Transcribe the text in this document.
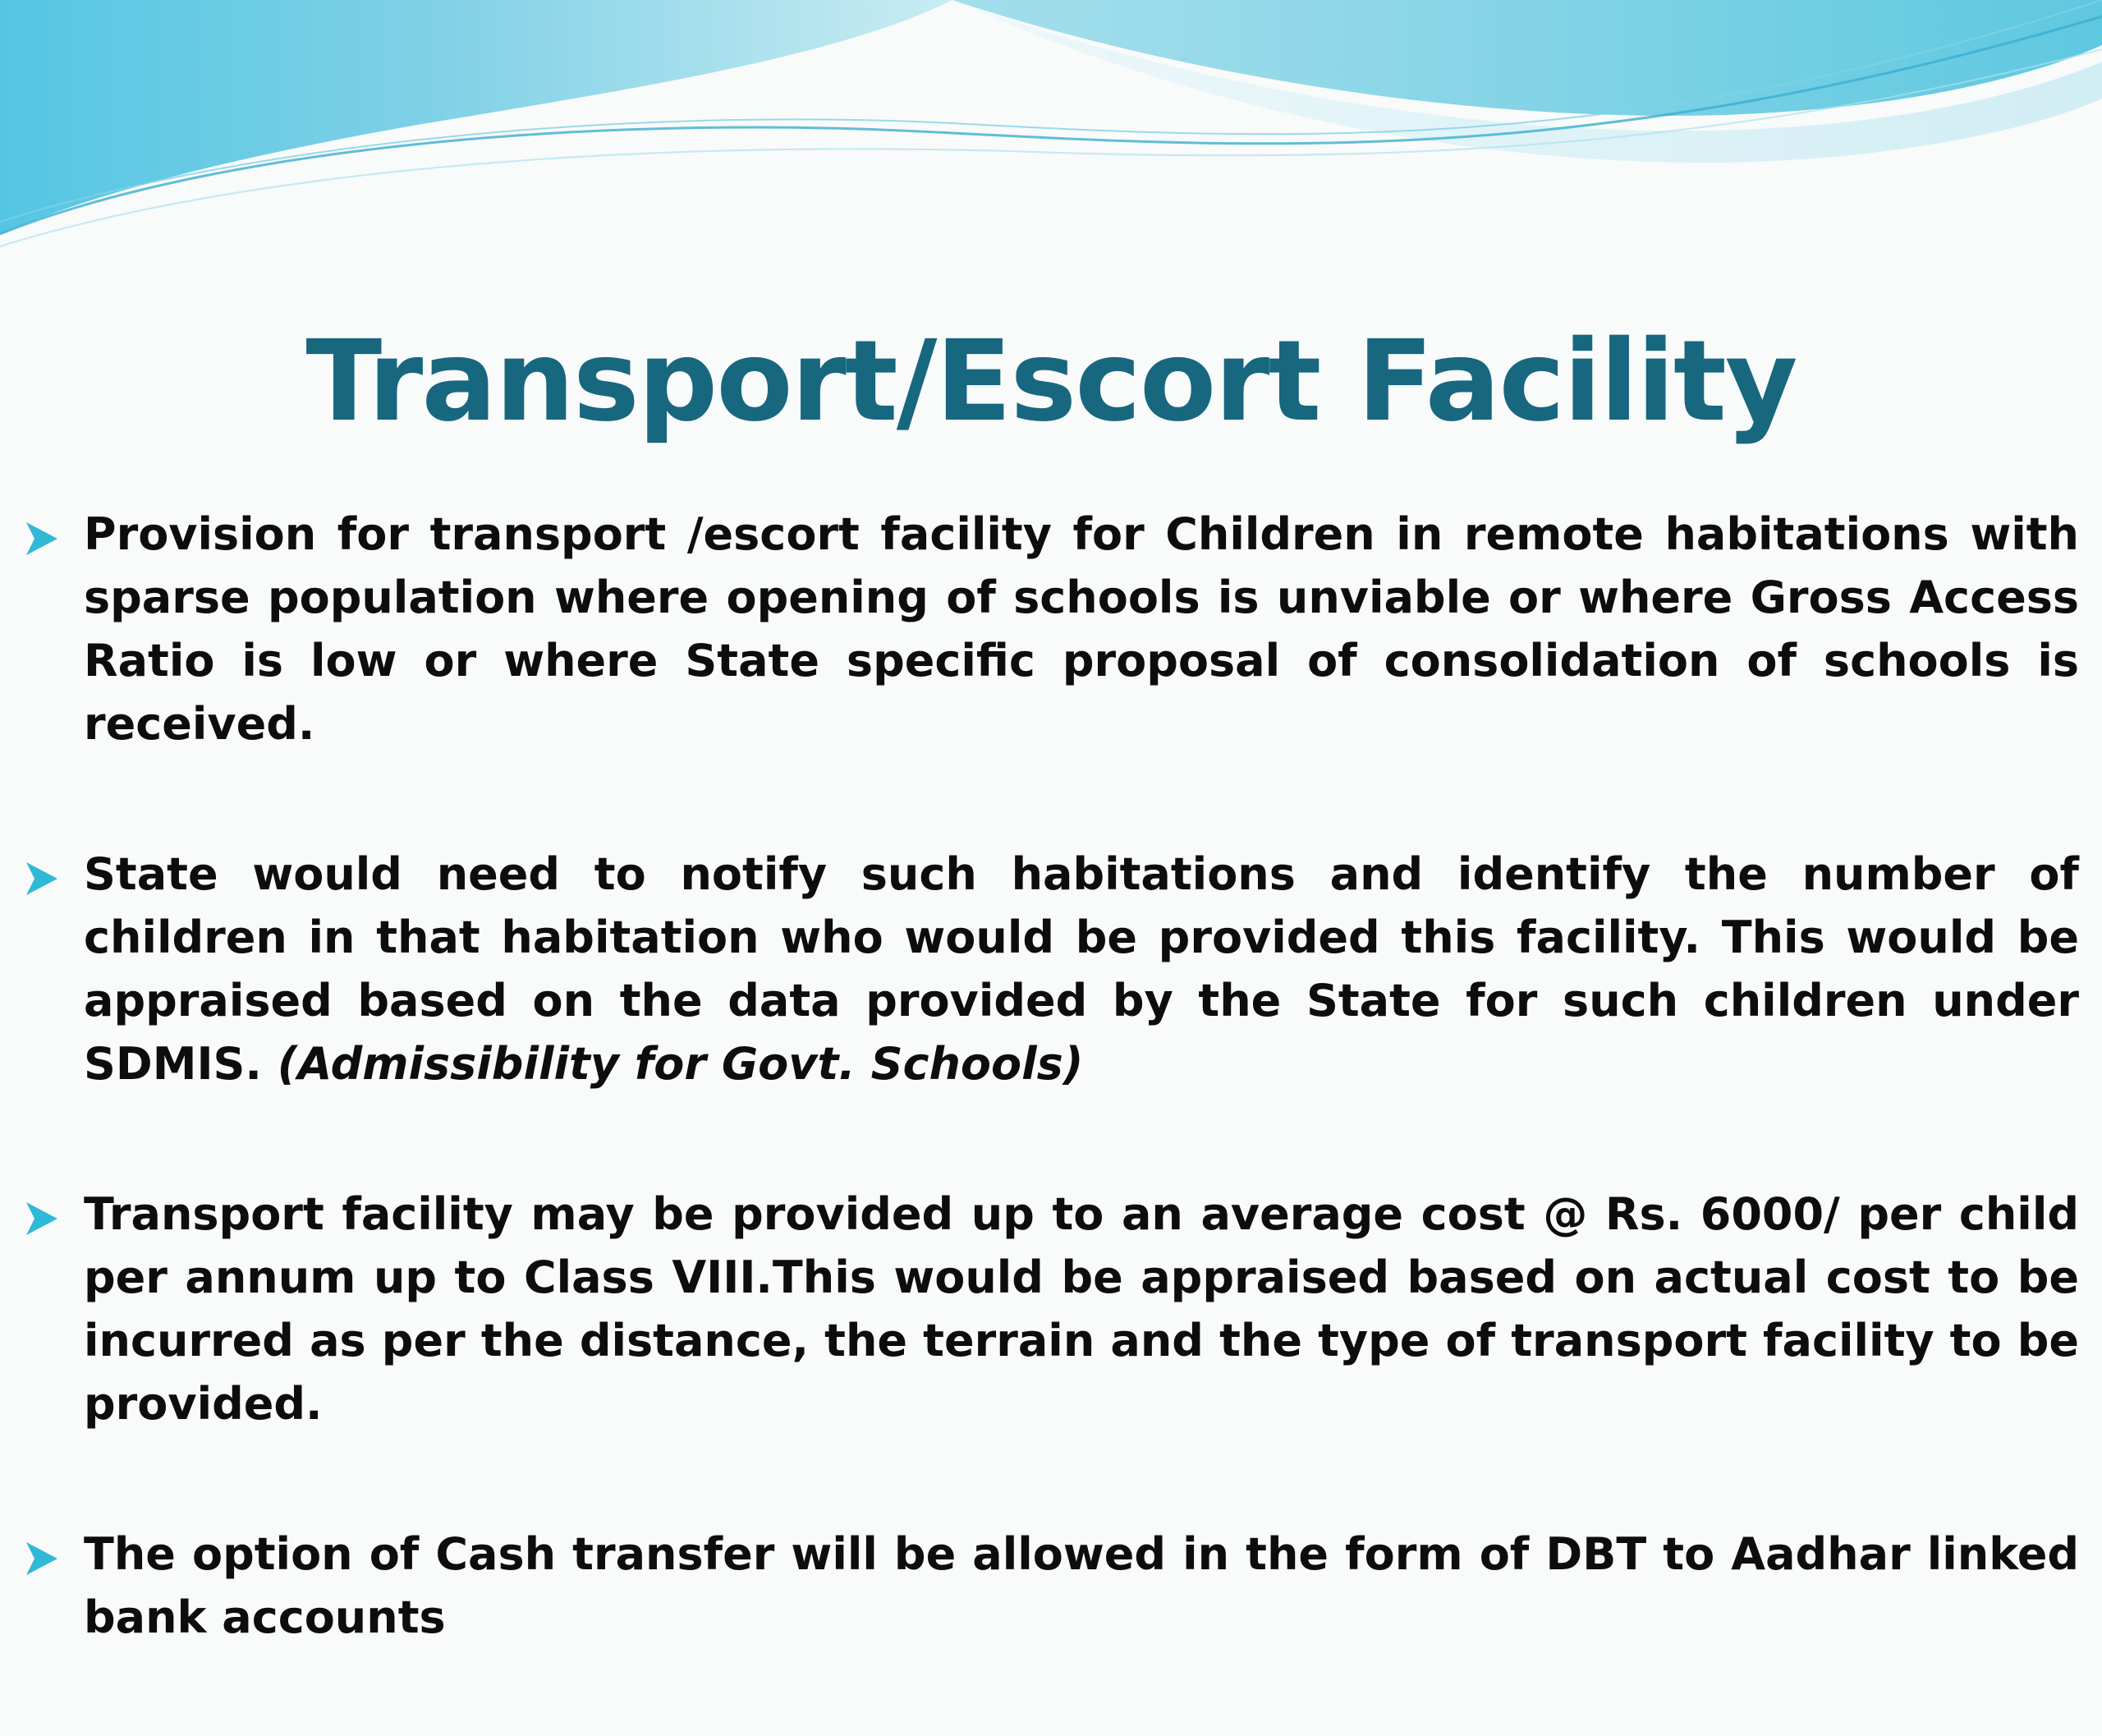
Transport/Escort Facility

Provision for transport /escort facility for Children in remote habitations with sparse population where opening of schools is unviable or where Gross Access Ratio is low or where State specific proposal of consolidation of schools is received.

State would need to notify such habitations and identify the number of children in that habitation who would be provided this facility. This would be appraised based on the data provided by the State for such children under SDMIS. (Admissibility for Govt. Schools)

Transport facility may be provided up to an average cost @ Rs. 6000/ per child per annum up to Class VIII.This would be appraised based on actual cost to be incurred as per the distance, the terrain and the type of transport facility to be provided.

The option of Cash transfer will be allowed in the form of DBT to Aadhar linked bank accounts
